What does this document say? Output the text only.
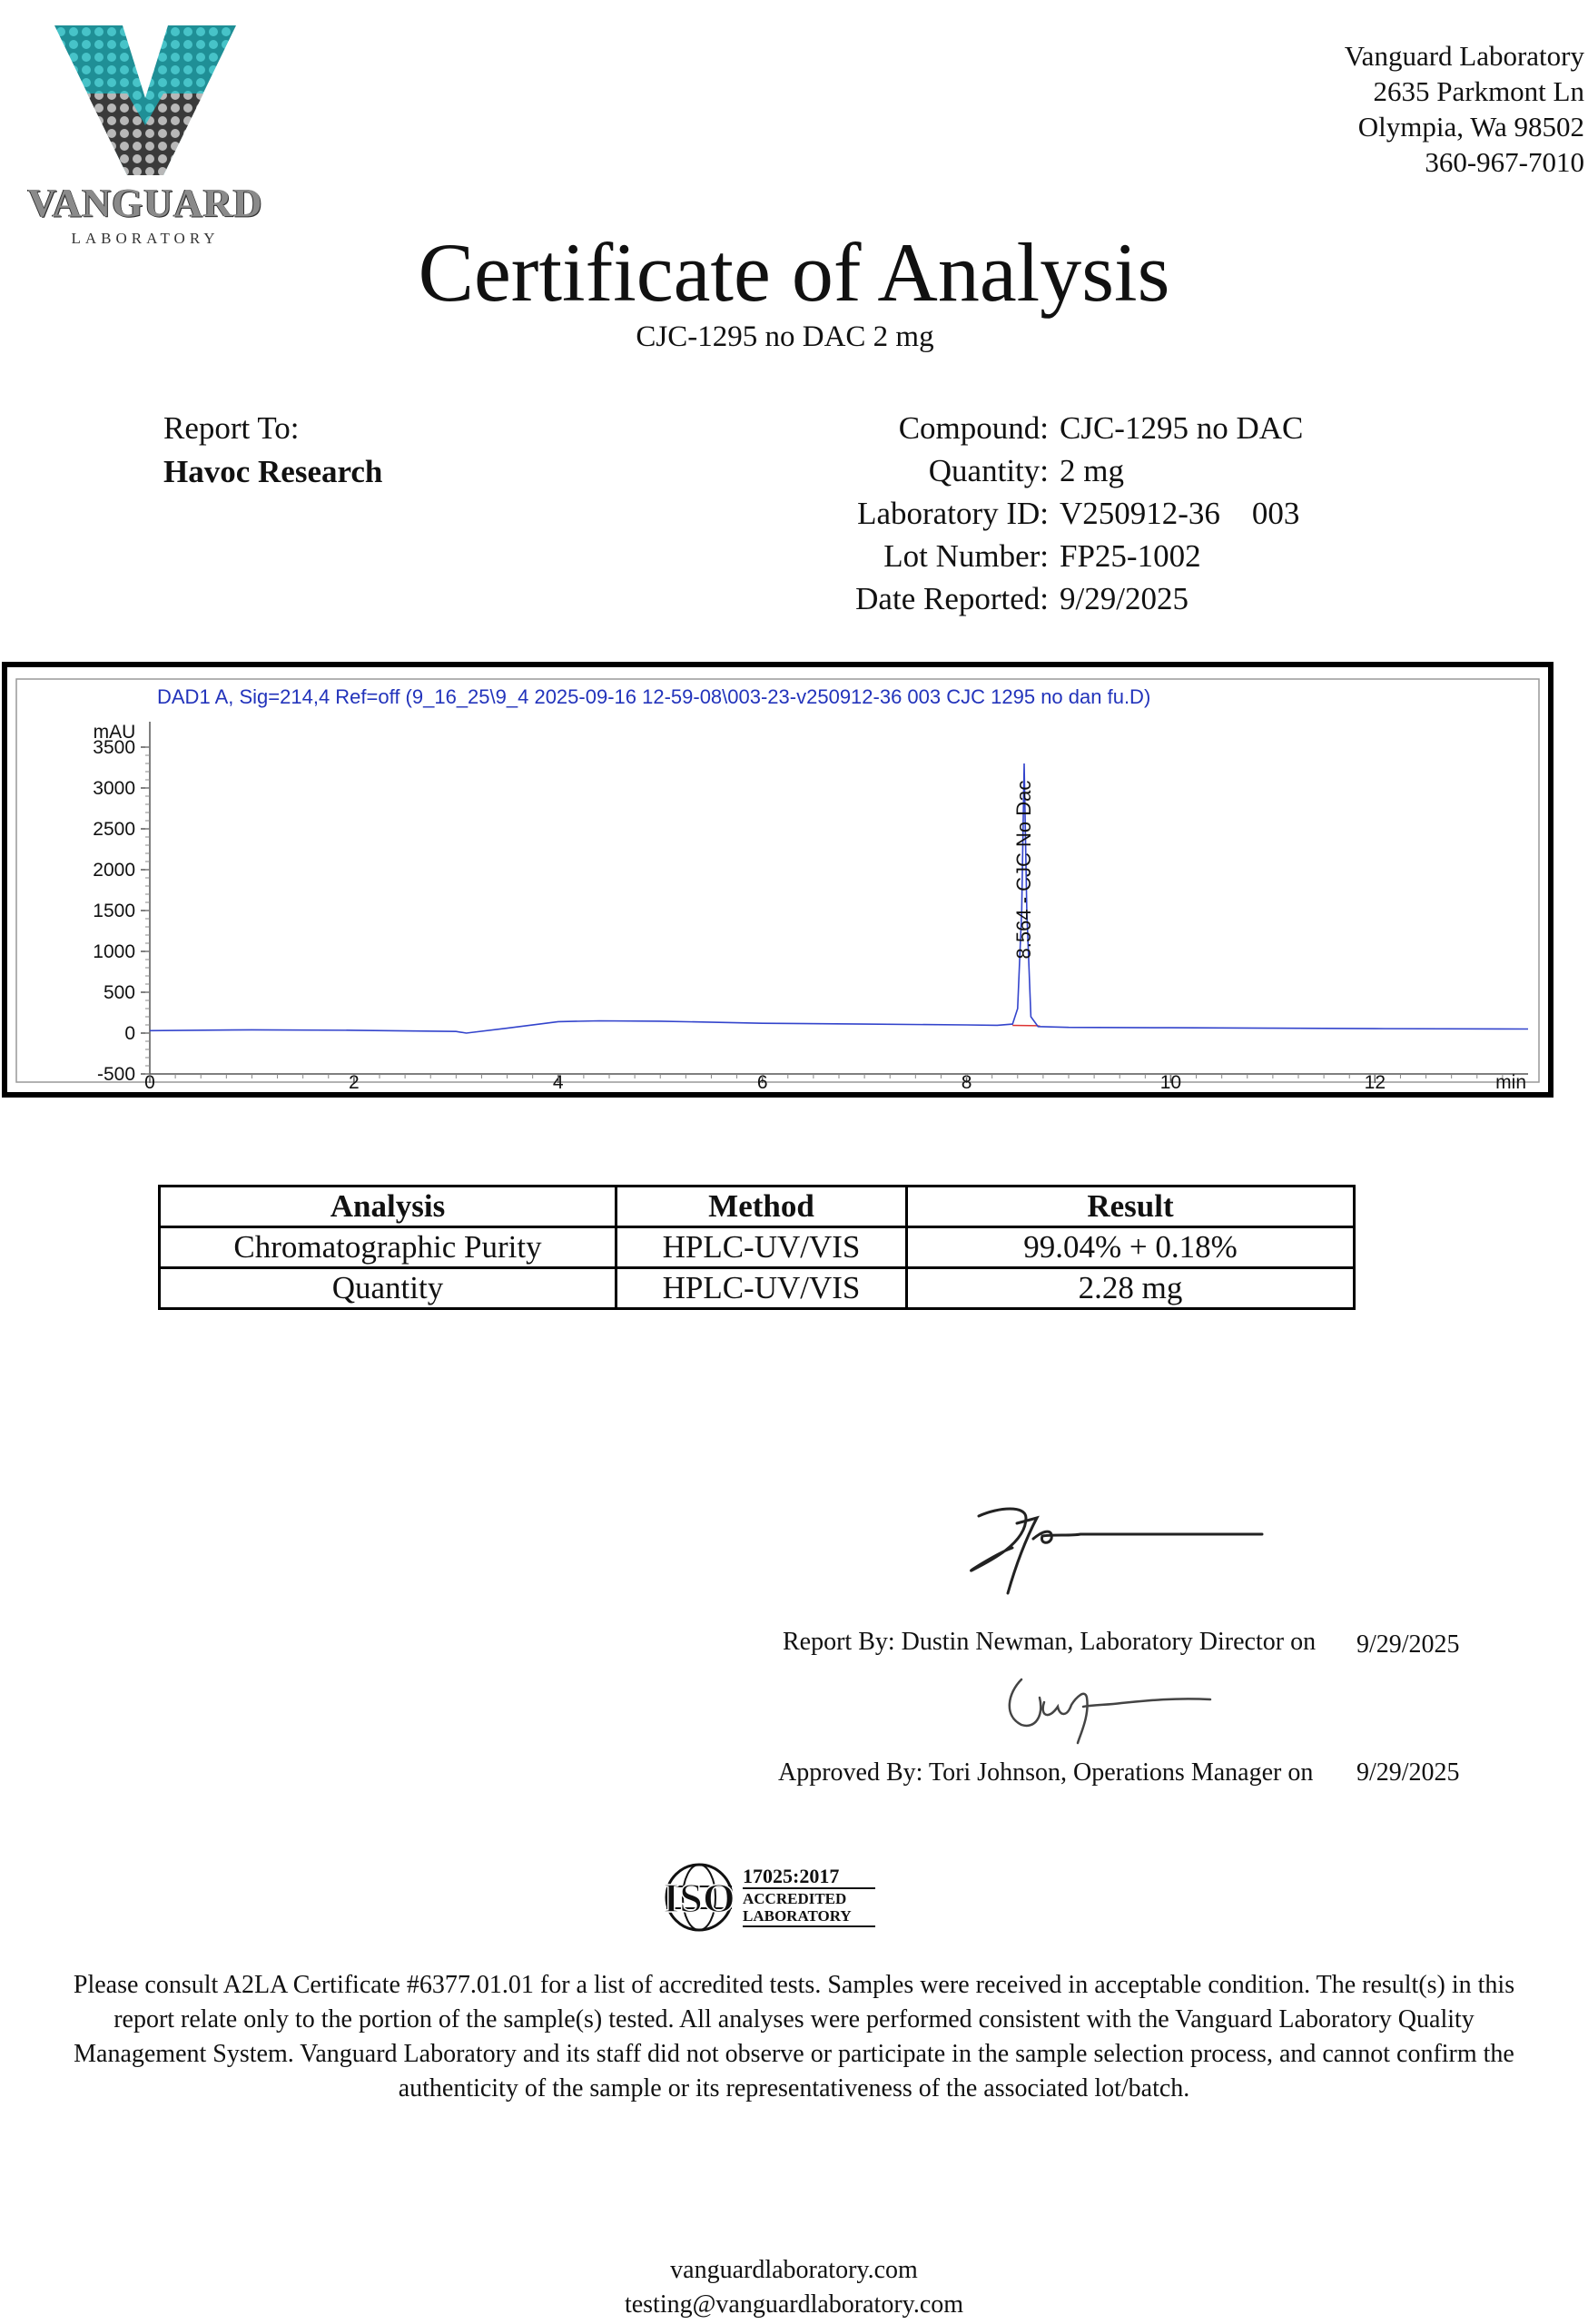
VANGUARD
LABORATORY
Vanguard Laboratory
2635 Parkmont Ln
Olympia, Wa 98502
360-967-7010
Certificate of Analysis
CJC-1295 no DAC 2 mg
Report To:
Havoc Research
Compound: CJC-1295 no DAC
Quantity: 2 mg
Laboratory ID: V250912-36    003
Lot Number: FP25-1002
Date Reported: 9/29/2025
DAD1 A, Sig=214,4 Ref=off (9_16_25\9_4 2025-09-16 12-59-08\003-23-v250912-36 003 CJC 1295 no dan fu.D)
mAU
-500
0
500
1000
1500
2000
2500
3000
3500
0	2	4	6	8	10	12	min
8.564 - CJC No Dac
Analysis	Method	Result
Chromatographic Purity	HPLC-UV/VIS	99.04% + 0.18%
Quantity	HPLC-UV/VIS	2.28 mg
Report By: Dustin Newman, Laboratory Director on 9/29/2025
Approved By: Tori Johnson, Operations Manager on 9/29/2025
ISO 17025:2017
ACCREDITED
LABORATORY
Please consult A2LA Certificate #6377.01.01 for a list of accredited tests. Samples were received in acceptable condition. The result(s) in this
report relate only to the portion of the sample(s) tested. All analyses were performed consistent with the Vanguard Laboratory Quality
Management System. Vanguard Laboratory and its staff did not observe or participate in the sample selection process, and cannot confirm the
authenticity of the sample or its representativeness of the associated lot/batch.
vanguardlaboratory.com
testing@vanguardlaboratory.com
